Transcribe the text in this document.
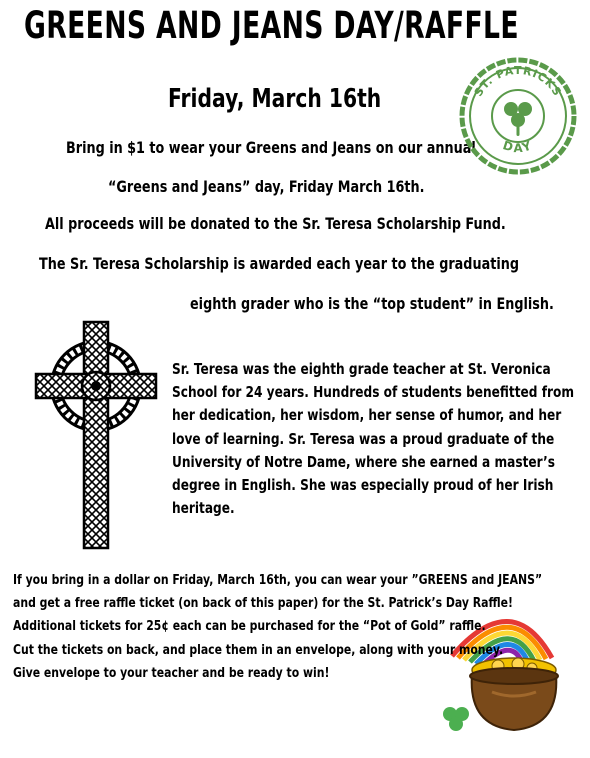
GREENS AND JEANS DAY/RAFFLE
Friday, March 16th
Bring in $1 to wear your Greens and Jeans on our annual
“Greens and Jeans” day, Friday March 16th.
All proceeds will be donated to the Sr. Teresa Scholarship Fund.
The Sr. Teresa Scholarship is awarded each year to the graduating
eighth grader who is the “top student” in English.
ST. PATRICKS
DAY
Sr. Teresa was the eighth grade teacher at St. Veronica
School for 24 years. Hundreds of students benefitted from
her dedication, her wisdom, her sense of humor, and her
love of learning. Sr. Teresa was a proud graduate of the
University of Notre Dame, where she earned a master’s
degree in English. She was especially proud of her Irish
heritage.
If you bring in a dollar on Friday, March 16th, you can wear your ”GREENS and JEANS”
and get a free raffle ticket (on back of this paper) for the St. Patrick’s Day Raffle!
Additional tickets for 25¢ each can be purchased for the “Pot of Gold” raffle.
Cut the tickets on back, and place them in an envelope, along with your money.
Give envelope to your teacher and be ready to win!
